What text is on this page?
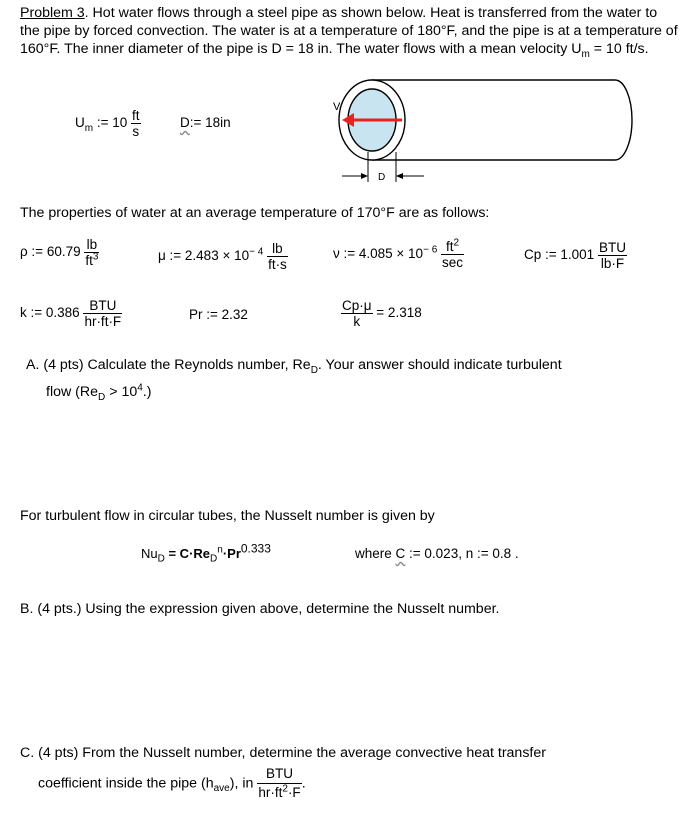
Problem 3. Hot water flows through a steel pipe as shown below. Heat is transferred from the water to the pipe by forced convection. The water is at a temperature of 180°F, and the pipe is at a temperature of 160°F. The inner diameter of the pipe is D = 18 in. The water flows with a mean velocity $U_m = 10$ ft/s.
$U_m$ := $10 \frac{ft}{s}$	D:= 18in
V
D
The properties of water at an average temperature of 170°F are as follows:
ρ := $60.79 \frac{lb}{ft^3}$	μ := $2.483 \times 10^{- 4} \frac{lb}{ft\cdot s}$	ν := $4.085 \times 10^{- 6} \frac{ft^2}{\sec}$	Cp := $1.001 \frac{\text{BTU}}{lb\cdot F}$
k := $0.386 \frac{\text{BTU}}{hr\cdot ft\cdot F}$	Pr := 2.32	$\frac{Cp\cdot\mu}{k} = 2.318$
A. (4 pts) Calculate the Reynolds number, $Re_D$. Your answer should indicate turbulent
flow $(Re_D > 10^4.)$
For turbulent flow in circular tubes, the Nusselt number is given by
$Nu_D = C\cdot Re_D^n\cdot Pr^{0.333}$	where C := 0.023, n := 0.8 .
B. (4 pts.) Using the expression given above, determine the Nusselt number.
C. (4 pts) From the Nusselt number, determine the average convective heat transfer
coefficient inside the pipe $(h_{ave})$, in $\frac{\text{BTU}}{hr\cdot ft^2\cdot F}$ .
